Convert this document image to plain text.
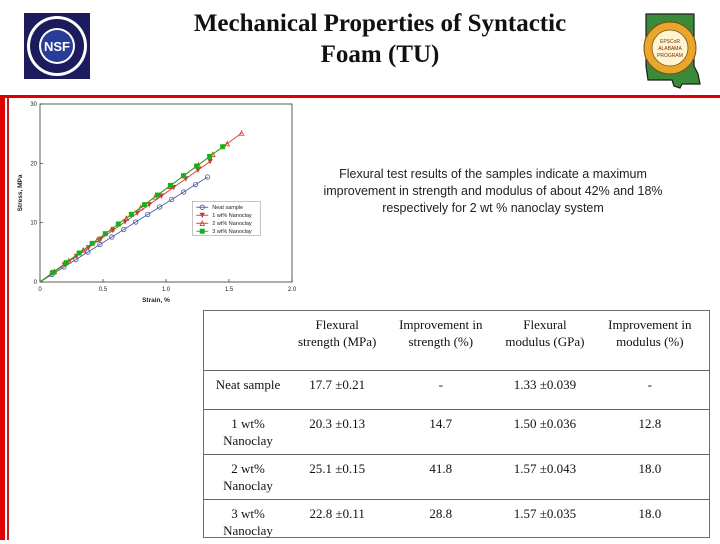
Mechanical Properties of Syntactic
Foam (TU)
NSF	EPSCoR
ALABAMA
PROGRAM
0	0.5	1.0	1.5	2.0
0
10
20
30
Strain, %
Stress, MPa	Neat sample
1 wt% Nanoclay
2 wt% Nanoclay
3 wt% Nanoclay
Flexural test results of the samples indicate a maximum improvement in strength and modulus of about 42% and 18% respectively for 2 wt % nanoclay system
	Flexural strength (MPa)	Improvement in strength (%)	Flexural modulus (GPa)	Improvement in modulus (%)
Neat sample	17.7 ±0.21	-	1.33 ±0.039	-
1 wt% Nanoclay	20.3 ±0.13	14.7	1.50 ±0.036	12.8
2 wt% Nanoclay	25.1 ±0.15	41.8	1.57 ±0.043	18.0
3 wt% Nanoclay	22.8 ±0.11	28.8	1.57 ±0.035	18.0
